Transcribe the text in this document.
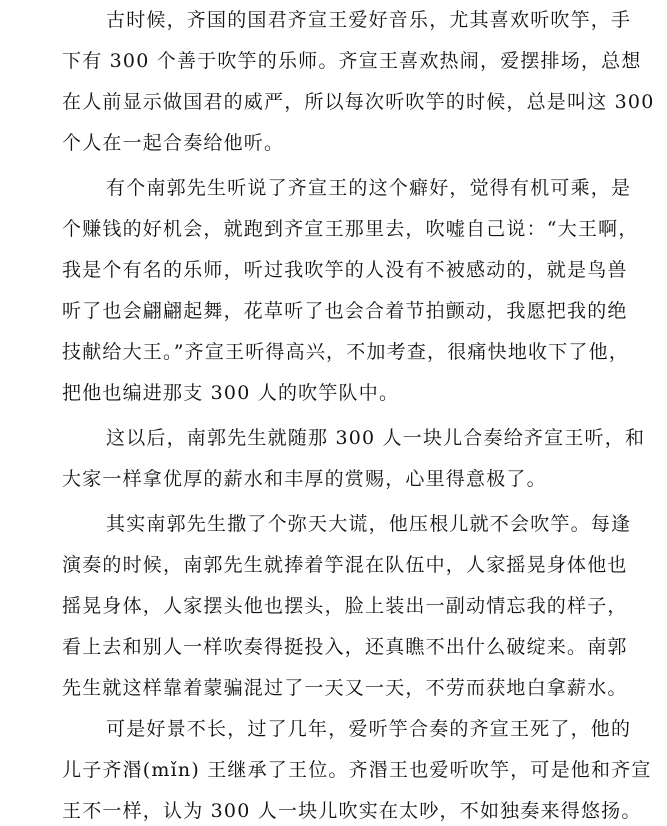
古时候，齐国的国君齐宣王爱好音乐，尤其喜欢听吹竽，手
下有 300 个善于吹竽的乐师。齐宣王喜欢热闹，爱摆排场，总想
在人前显示做国君的威严，所以每次听吹竽的时候，总是叫这 300
个人在一起合奏给他听。
有个南郭先生听说了齐宣王的这个癖好，觉得有机可乘，是
个赚钱的好机会，就跑到齐宣王那里去，吹嘘自己说：“大王啊，
我是个有名的乐师，听过我吹竽的人没有不被感动的，就是鸟兽
听了也会翩翩起舞，花草听了也会合着节拍颤动，我愿把我的绝
技献给大王。”齐宣王听得高兴，不加考查，很痛快地收下了他，
把他也编进那支 300 人的吹竽队中。
这以后，南郭先生就随那 300 人一块儿合奏给齐宣王听，和
大家一样拿优厚的薪水和丰厚的赏赐，心里得意极了。
其实南郭先生撒了个弥天大谎，他压根儿就不会吹竽。每逢
演奏的时候，南郭先生就捧着竽混在队伍中，人家摇晃身体他也
摇晃身体，人家摆头他也摆头，脸上装出一副动情忘我的样子，
看上去和别人一样吹奏得挺投入，还真瞧不出什么破绽来。南郭
先生就这样靠着蒙骗混过了一天又一天，不劳而获地白拿薪水。
可是好景不长，过了几年，爱听竽合奏的齐宣王死了，他的
儿子齐湣(mǐn) 王继承了王位。齐湣王也爱听吹竽，可是他和齐宣
王不一样，认为 300 人一块儿吹实在太吵，不如独奏来得悠扬。
